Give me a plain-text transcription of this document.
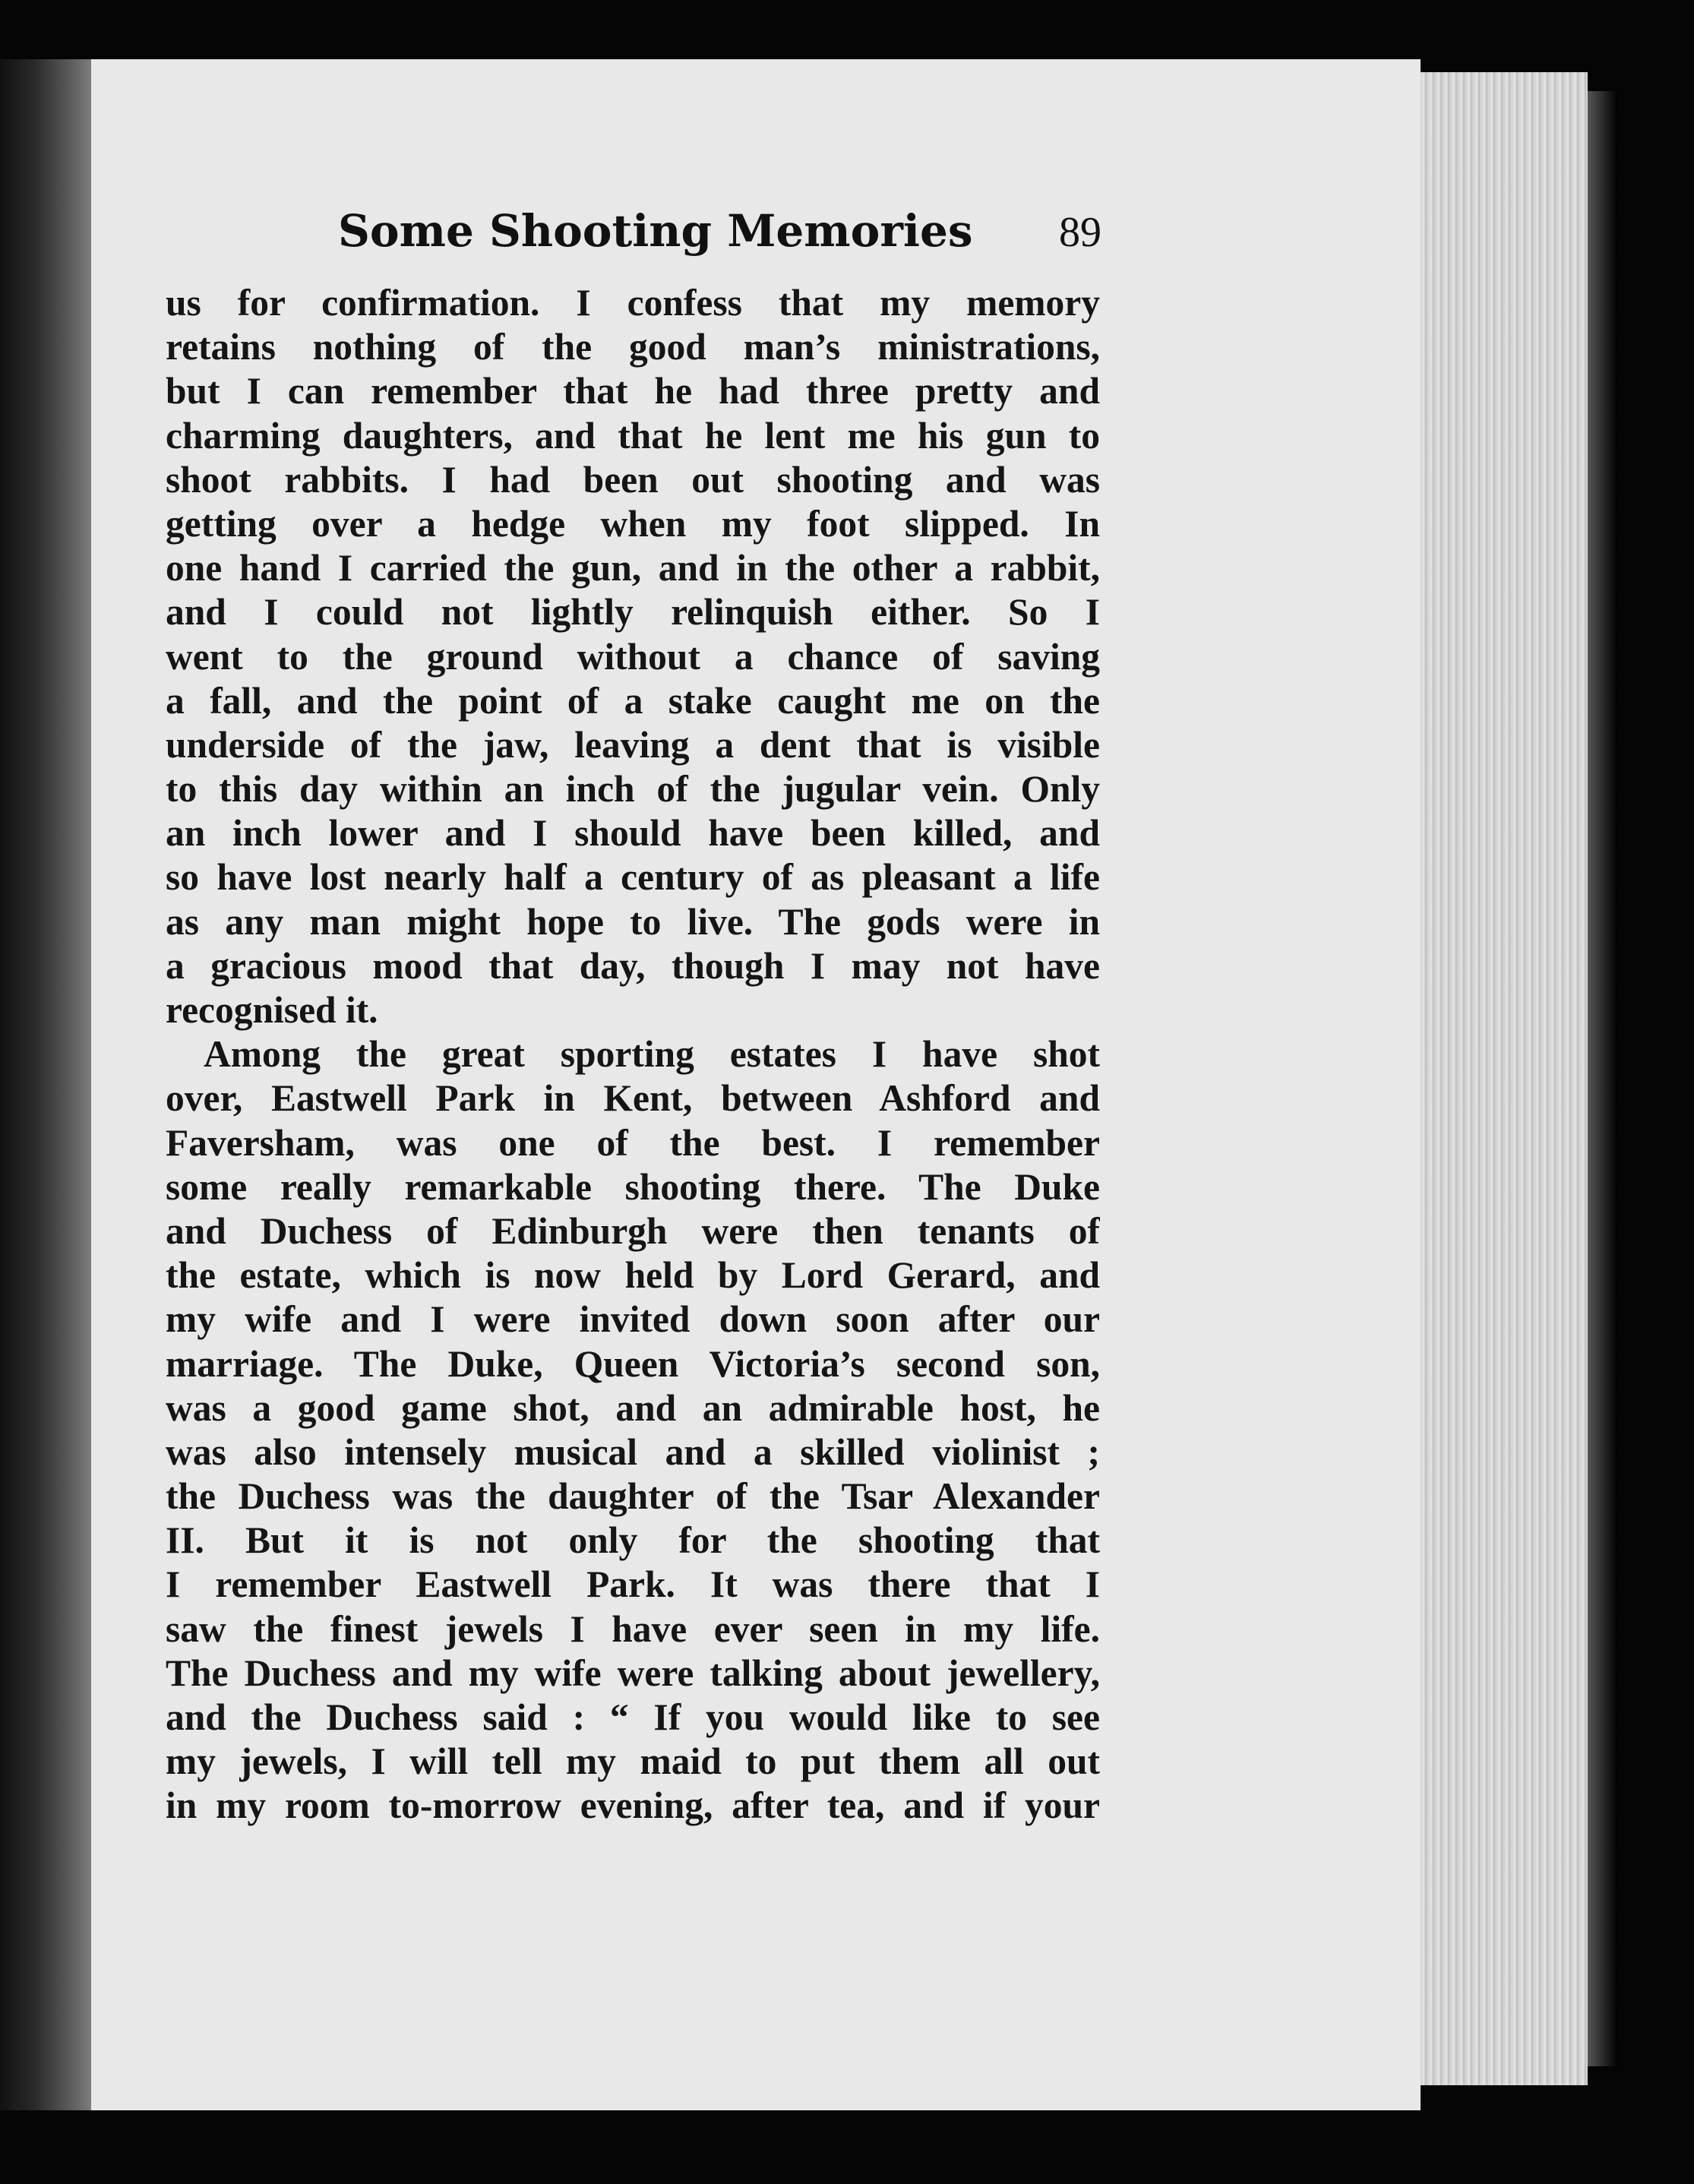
Some Shooting Memories 89
us for confirmation. I confess that my memory
retains nothing of the good man’s ministrations,
but I can remember that he had three pretty and
charming daughters, and that he lent me his gun to
shoot rabbits. I had been out shooting and was
getting over a hedge when my foot slipped. In
one hand I carried the gun, and in the other a rabbit,
and I could not lightly relinquish either. So I
went to the ground without a chance of saving
a fall, and the point of a stake caught me on the
underside of the jaw, leaving a dent that is visible
to this day within an inch of the jugular vein. Only
an inch lower and I should have been killed, and
so have lost nearly half a century of as pleasant a life
as any man might hope to live. The gods were in
a gracious mood that day, though I may not have
recognised it.
Among the great sporting estates I have shot
over, Eastwell Park in Kent, between Ashford and
Faversham, was one of the best. I remember
some really remarkable shooting there. The Duke
and Duchess of Edinburgh were then tenants of
the estate, which is now held by Lord Gerard, and
my wife and I were invited down soon after our
marriage. The Duke, Queen Victoria’s second son,
was a good game shot, and an admirable host, he
was also intensely musical and a skilled violinist ;
the Duchess was the daughter of the Tsar Alexander
II. But it is not only for the shooting that
I remember Eastwell Park. It was there that I
saw the finest jewels I have ever seen in my life.
The Duchess and my wife were talking about jewellery,
and the Duchess said : “ If you would like to see
my jewels, I will tell my maid to put them all out
in my room to-morrow evening, after tea, and if your
